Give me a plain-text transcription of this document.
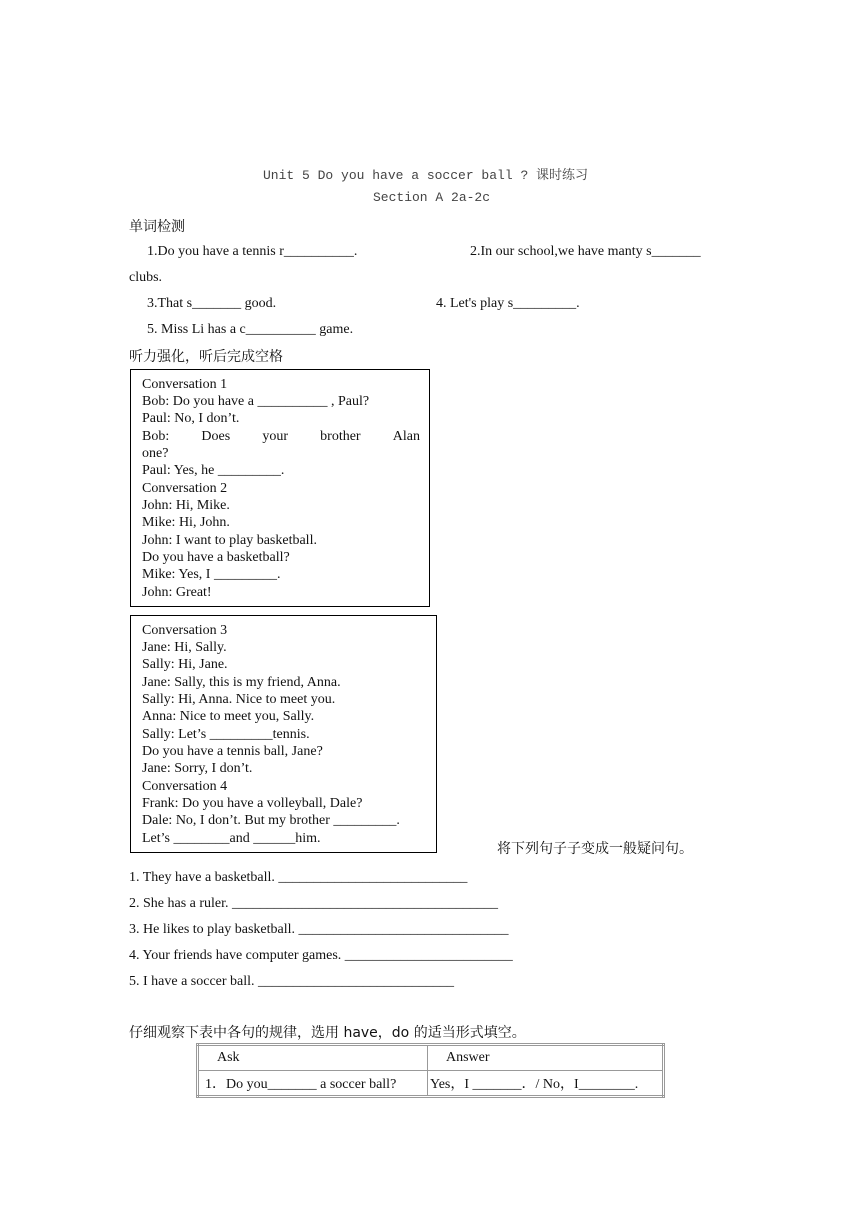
Unit 5 Do you have a soccer ball ? 课时练习
Section A 2a-2c
单词检测
1.Do you have a tennis r__________.	2.In our school,we have manty s_______
clubs.
3.That s_______ good.	4. Let's play s_________.
5. Miss Li has a c__________ game.
听力强化，听后完成空格
Conversation 1
Bob: Do you have a __________ , Paul?
Paul: No, I don’t.
Bob: Does your brother Alan
one?
Paul: Yes, he _________.
Conversation 2
John: Hi, Mike.
Mike: Hi, John.
John: I want to play basketball.
Do you have a basketball?
Mike: Yes, I _________.
John: Great!
Conversation 3
Jane: Hi, Sally.
Sally: Hi, Jane.
Jane: Sally, this is my friend, Anna.
Sally: Hi, Anna. Nice to meet you.
Anna: Nice to meet you, Sally.
Sally: Let’s _________tennis.
Do you have a tennis ball, Jane?
Jane: Sorry, I don’t.
Conversation 4
Frank: Do you have a volleyball, Dale?
Dale: No, I don’t. But my brother _________.
Let’s ________and ______him.
将下列句子子变成一般疑问句。
1. They have a basketball. ___________________________
2. She has a ruler. ______________________________________
3. He likes to play basketball. ______________________________
4. Your friends have computer games. ________________________
5. I have a soccer ball. ____________________________
仔细观察下表中各句的规律，选用 have，do 的适当形式填空。
Ask	Answer
1．Do you_______ a soccer ball?	Yes，I _______．/ No，I________.
